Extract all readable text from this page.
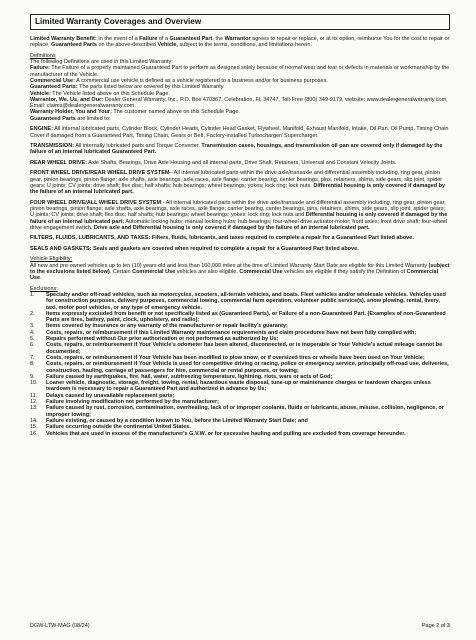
Limited Warranty Coverages and Overview

Limited Warranty Benefit: In the event of a Failure of a Guaranteed Part, the Warrantor agrees to repair or replace, or at its option, reimburse You for the cost to repair or replace, Guaranteed Parts on the above-described Vehicle, subject to the terms, conditions, and limitations herein.

Definitions
The following Definitions are used in this Limited Warranty:
Failure: The Failure of a properly maintained Guaranteed Part to perform as designed solely because of normal wear and tear or defects in materials or workmanship by the manufacturer of the Vehicle.
Commercial Use: A commercial use vehicle is defined as a vehicle registered to a business and/or for business purposes.
Guaranteed Parts: The parts listed below are covered by this Limited Warranty.
Vehicle: The Vehicle listed above on this Schedule Page.
Warrantor, We, Us, and Our: Dealer General Warranty, Inc., P.O. Box 470367, Celebration, FL 34747, Toll-Free (800) 349-9179, website: www.dealergeneralwarranty.com, Email: claims@dealergeneralwarranty.com.
Warranty Holder, You and Your: The customer named above on this Schedule Page.
Guaranteed Parts are limited to:

ENGINE: All internal lubricated parts, Cylinder Block, Cylinder Heads, Cylinder Head Gasket, Flywheel, Manifold, Exhaust Manifold, Intake, Oil Pan, Oil Pump, Timing Chain Cover if damaged from a Guaranteed Part, Timing Chain, Gears or Belt, Factory-installed Turbocharger/ Supercharger.

TRANSMISSION: All internally lubricated parts and Torque Converter. Transmission cases, housings, and transmission oil pan are covered only if damaged by the failure of an internal lubricated Guaranteed Part.

REAR WHEEL DRIVE: Axle Shafts, Bearings, Drive Axle Housing and all internal parts, Drive Shaft, Retainers, Universal and Constant Velocity Joints.

FRONT WHEEL DRIVE/REAR WHEEL DRIVE SYSTEM– All internal lubricated parts within the drive axle/transaxle and differential assembly including, ring gear, pinion gear, pinion bearings, pinion flange; axle shafts, axle bearings, axle races, axle flange; carrier bearing, center bearings, pins, retainers, shims, side gears, slip joint, spider gears; U joints; CV joints; drive shaft; flex disc; half shafts; hub bearings; wheel bearings; yokes; lock ring; lock nuts. Differential housing is only covered if damaged by the failure of an internal lubricated part.

FOUR WHEEL DRIVE/ALL WHEEL DRIVE SYSTEM - All internal lubricated parts within the drive axle/transaxle and differential assembly including, ring gear, pinion gear, pinion bearings, pinion flange; axle shafts, axle bearings, axle races, axle flange; carrier bearing, center bearings, pins, retainers, shims, side gears, slip joint, spider gears; U joints; CV joints; drive shaft; flex disc; half shafts; hub bearings; wheel bearings; yokes; lock ring; lock nuts and Differential housing is only covered if damaged by the failure of an internal lubricated part; Automatic locking hubs; manual locking hubs; hub bearings; four-wheel drive actuator motor; front axles; front drive shaft; four-wheel drive engagement switch. Drive axle and Differential housing is only covered if damaged by the failure of an internal lubricated part.

FILTERS, FLUIDS, LUBRICANTS, AND TAXES: Filters, fluids, lubricants, and taxes required to complete a repair for a Guaranteed Part listed above.

SEALS AND GASKETS: Seals and gaskets are covered when required to complete a repair for a Guaranteed Part listed above.

Vehicle Eligibility:
All new and pre-owned vehicles up to ten (10) years old and less than 100,000 miles at the time of Limited Warranty Start Date are eligible for this Limited Warranty (subject to the exclusions listed below). Certain Commercial Use vehicles are also eligible. Commercial Use vehicles are eligible if they satisfy the Definition of Commercial Use.
Exclusions:
1.	Specialty and/or off-road vehicles, such as motorcycles, scooters, all-terrain vehicles, and boats. Fleet vehicles and/or wholesale vehicles. Vehicles used for construction purposes, delivery purposes, commercial towing, commercial farm operation, volunteer public service(s), snow plowing, rental, livery, taxi, motor pool vehicles, or any type of emergency vehicle.
2.	Items expressly excluded from benefit or not specifically listed as (Guaranteed Parts), or Failure of a non-Guaranteed Part. (Examples of non-Guaranteed Parts are tires, battery, paint, clock, upholstery, and radio);
3.	Items covered by insurance or any warranty of the manufacturer or repair facility's guaranty;
4.	Costs, repairs, or reimbursement if this Limited Warranty maintenance requirements and claim procedures have not been fully complied with;
5.	Repairs performed without Our prior authorization or not performed as authorized by Us;
6.	Costs, repairs, or reimbursement if Your Vehicle's odometer has been altered, disconnected, or is inoperable or Your Vehicle's actual mileage cannot be documented;
7.	Costs, repairs, or reimbursement if Your Vehicle has been modified to plow snow, or if oversized tires or wheels have been used on Your Vehicle;
8.	Costs, repairs, or reimbursement if Your Vehicle is used for competitive driving or racing, police or emergency service, principally off-road use, deliveries, construction, hauling, carriage of passengers for hire, commercial or rental purposes, or towing;
9.	Failure caused by earthquakes, fire, hail, water, subfreezing temperature, lightning, riots, wars or acts of God;
10.	Loaner vehicle, diagnostic, storage, freight, towing, rental, hazardous waste disposal, tune-up or maintenance charges or teardown charges unless teardown is necessary to repair a Guaranteed Part and authorized in advance by Us;
11.	Delays caused by unavailable replacement parts;
12.	Failure involving modification not performed by the manufacturer;
13.	Failure caused by rust, corrosion, contamination, overheating, lack of or improper coolants, fluids or lubricants, abuse, misuse, collision, negligence, or improper towing;
14.	Failure existing, or caused by a condition known to You, before the Limited Warranty Start Date; and
15.	Failure occurring outside the continental United States.
16.	Vehicles that are used in excess of the manufacturer's G.V.W. or for excessive hauling and pulling are excluded from coverage hereunder.
DGW-LTW-MAG (08/24)	Page 2 of 3
